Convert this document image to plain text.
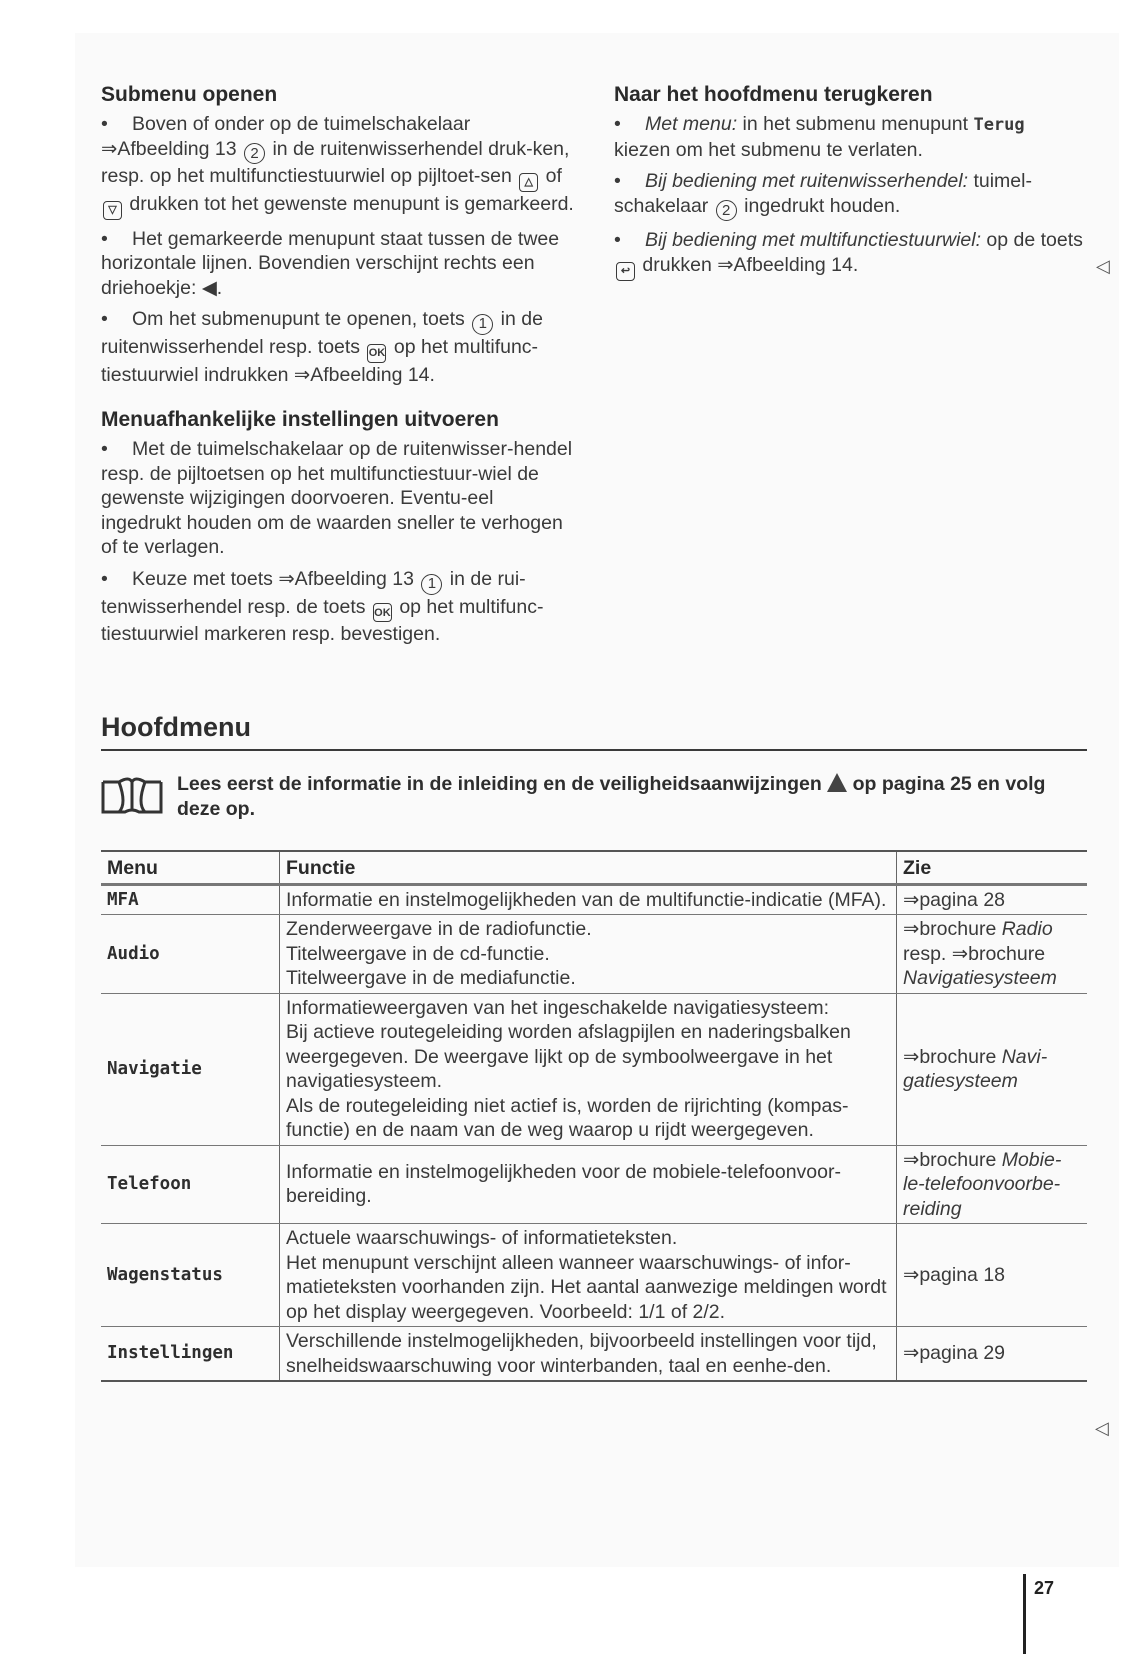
Submenu openen

• Boven of onder op de tuimelschakelaar ⇒Afbeelding 13 2 in de ruitenwisserhendel druk-ken, resp. op het multifunctiestuurwiel op pijltoet-sen △ of ▽ drukken tot het gewenste menupunt is gemarkeerd.

• Het gemarkeerde menupunt staat tussen de twee horizontale lijnen. Bovendien verschijnt rechts een driehoekje: ◀.

• Om het submenupunt te openen, toets 1 in de ruitenwisserhendel resp. toets OK op het multifunc-tiestuurwiel indrukken ⇒Afbeelding 14.

Menuafhankelijke instellingen uitvoeren

• Met de tuimelschakelaar op de ruitenwisser-hendel resp. de pijltoetsen op het multifunctiestuur-wiel de gewenste wijzigingen doorvoeren. Eventu-eel ingedrukt houden om de waarden sneller te verhogen of te verlagen.

• Keuze met toets ⇒Afbeelding 13 1 in de rui-tenwisserhendel resp. de toets OK op het multifunc-tiestuurwiel markeren resp. bevestigen.

Naar het hoofdmenu terugkeren

• Met menu: in het submenu menupunt Terug kiezen om het submenu te verlaten.

• Bij bediening met ruitenwisserhendel: tuimel-schakelaar 2 ingedrukt houden.

• Bij bediening met multifunctiestuurwiel: op de toets ↩ drukken ⇒Afbeelding 14.	◁
Hoofdmenu
Lees eerst de informatie in de inleiding en de veiligheidsaanwijzingen  op pagina 25 en volg deze op.
Menu	Functie	Zie
MFA	Informatie en instelmogelijkheden van de multifunctie-indicatie (MFA).	⇒pagina 28
Audio	Zenderweergave in de radiofunctie.
Titelweergave in de cd-functie.
Titelweergave in de mediafunctie.	⇒brochure Radio resp. ⇒brochure Navigatiesysteem
Navigatie	Informatieweergaven van het ingeschakelde navigatiesysteem:
Bij actieve routegeleiding worden afslagpijlen en naderingsbalken weergegeven. De weergave lijkt op de symboolweergave in het navigatiesysteem.
Als de routegeleiding niet actief is, worden de rijrichting (kompas-functie) en de naam van de weg waarop u rijdt weergegeven.	⇒brochure Navi-gatiesysteem
Telefoon	Informatie en instelmogelijkheden voor de mobiele-telefoonvoor-bereiding.	⇒brochure Mobie-le-telefoonvoorbe-reiding
Wagenstatus	Actuele waarschuwings- of informatieteksten.
Het menupunt verschijnt alleen wanneer waarschuwings- of infor-matieteksten voorhanden zijn. Het aantal aanwezige meldingen wordt op het display weergegeven. Voorbeeld: 1/1 of 2/2.	⇒pagina 18
Instellingen	Verschillende instelmogelijkheden, bijvoorbeeld instellingen voor tijd, snelheidswaarschuwing voor winterbanden, taal en eenhe-den.	⇒pagina 29
◁
27
